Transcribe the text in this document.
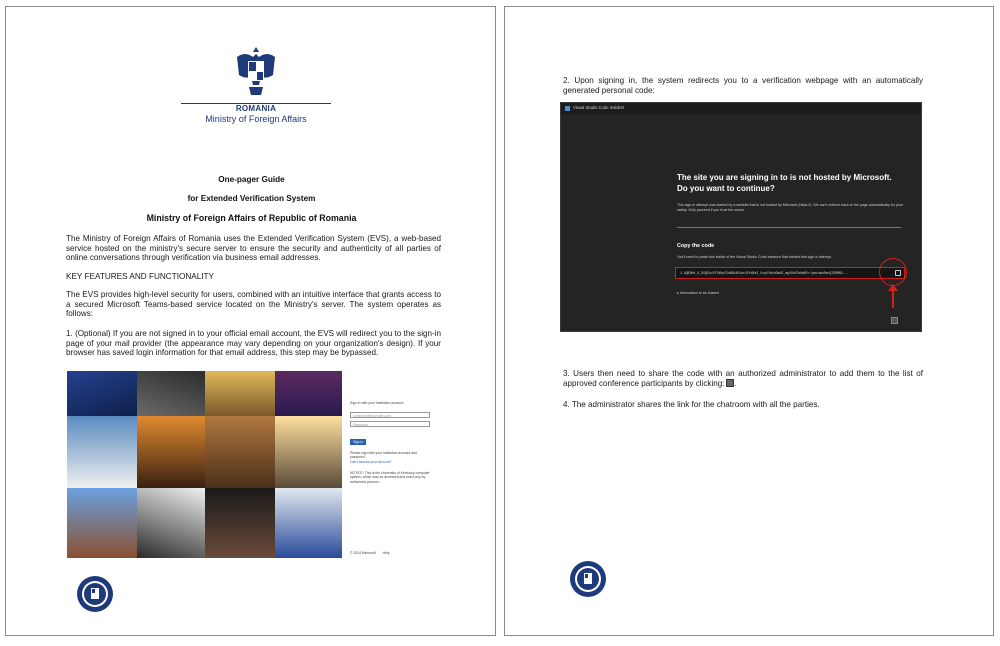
ROMANIA
Ministry of Foreign Affairs
One-pager Guide
for Extended Verification System
Ministry of Foreign Affairs of Republic of Romania
The Ministry of Foreign Affairs of Romania uses the Extended Verification System (EVS), a web-based service hosted on the ministry's secure server to ensure the security and authenticity of all parties of online conversations through verification via business email addresses.
KEY FEATURES AND FUNCTIONALITY
The EVS provides high-level security for users, combined with an intuitive interface that grants access to a secured Microsoft Teams-based service located on the Ministry's server. The system operates as follows:
1. (Optional) If you are not signed in to your official email account, the EVS will redirect you to the sign-in page of your mail provider (the appearance may vary depending on your organization's design). If your browser has saved login information for that email address, this step may be bypassed.
Sign in with your Institution account:
someone@example.com
Password
Sign in
Please sign with your Institution account and password.
Can't access your account?
NOTICE: This is the University of Kentucky computer system, which may be accessed and used only by authorized persons.
© 2024 Microsoft Help
2. Upon signing in, the system redirects you to a verification webpage with an automatically generated personal code:
Visual Studio Code Insiders
The site you are signing in to is not hosted by Microsoft. Do you want to continue?
This sign in attempt was started by a website that is not hosted by Microsoft (https://). We can't redirect back to the page automatically for your safety. Only proceed if you trust the owner.
Copy the code
You'll need to paste this inside of the Visual Studio Code instance that started this sign in attempt.
1.AQEAMx_8_9XQ5huT0TWHpCSdN9kA5Vwc3FkH9eI_5vqVYWvhDaWI_mgX0b5SeHwBYrYpmcdaoRanQI0SMR9...
▸ Information to be shared
3. Users then need to share the code with an authorized administrator to add them to the list of approved conference participants by clicking: .
4. The administrator shares the link for the chatroom with all the parties.
